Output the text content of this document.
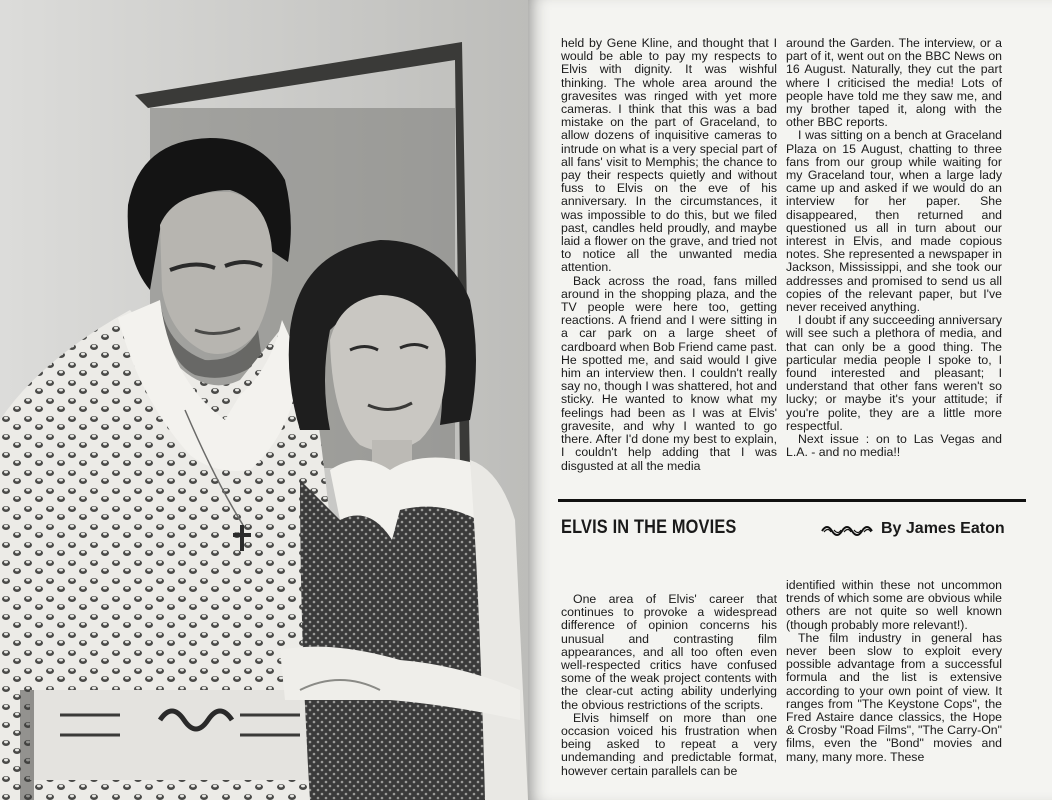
held by Gene Kline, and thought that I would be able to pay my respects to Elvis with dignity. It was wishful thinking. The whole area around the gravesites was ringed with yet more cameras. I think that this was a bad mistake on the part of Graceland, to allow dozens of inquisitive cameras to intrude on what is a very special part of all fans' visit to Memphis; the chance to pay their respects quietly and without fuss to Elvis on the eve of his anniversary. In the circumstances, it was impossible to do this, but we filed past, candles held proudly, and maybe laid a flower on the grave, and tried not to notice all the unwanted media attention.

Back across the road, fans milled around in the shopping plaza, and the TV people were here too, getting reactions. A friend and I were sitting in a car park on a large sheet of cardboard when Bob Friend came past. He spotted me, and said would I give him an interview then. I couldn't really say no, though I was shattered, hot and sticky. He wanted to know what my feelings had been as I was at Elvis' gravesite, and why I wanted to go there. After I'd done my best to explain, I couldn't help adding that I was disgusted at all the media

around the Garden. The interview, or a part of it, went out on the BBC News on 16 August. Naturally, they cut the part where I criticised the media! Lots of people have told me they saw me, and my brother taped it, along with the other BBC reports.

I was sitting on a bench at Graceland Plaza on 15 August, chatting to three fans from our group while waiting for my Graceland tour, when a large lady came up and asked if we would do an interview for her paper. She disappeared, then returned and questioned us all in turn about our interest in Elvis, and made copious notes. She represented a newspaper in Jackson, Mississippi, and she took our addresses and promised to send us all copies of the relevant paper, but I've never received anything.

I doubt if any succeeding anniversary will see such a plethora of media, and that can only be a good thing. The particular media people I spoke to, I found interested and pleasant; I understand that other fans weren't so lucky; or maybe it's your attitude; if you're polite, they are a little more respectful.

Next issue : on to Las Vegas and L.A. - and no media!!

ELVIS IN THE MOVIES	By James Eaton

One area of Elvis' career that continues to provoke a widespread difference of opinion concerns his unusual and contrasting film appearances, and all too often even well-respected critics have confused some of the weak project contents with the clear-cut acting ability underlying the obvious restrictions of the scripts.

Elvis himself on more than one occasion voiced his frustration when being asked to repeat a very undemanding and predictable format, however certain parallels can be

identified within these not uncommon trends of which some are obvious while others are not quite so well known (though probably more relevant!).

The film industry in general has never been slow to exploit every possible advantage from a successful formula and the list is extensive according to your own point of view. It ranges from "The Keystone Cops", the Fred Astaire dance classics, the Hope & Crosby "Road Films", "The Carry-On" films, even the "Bond" movies and many, many more. These
